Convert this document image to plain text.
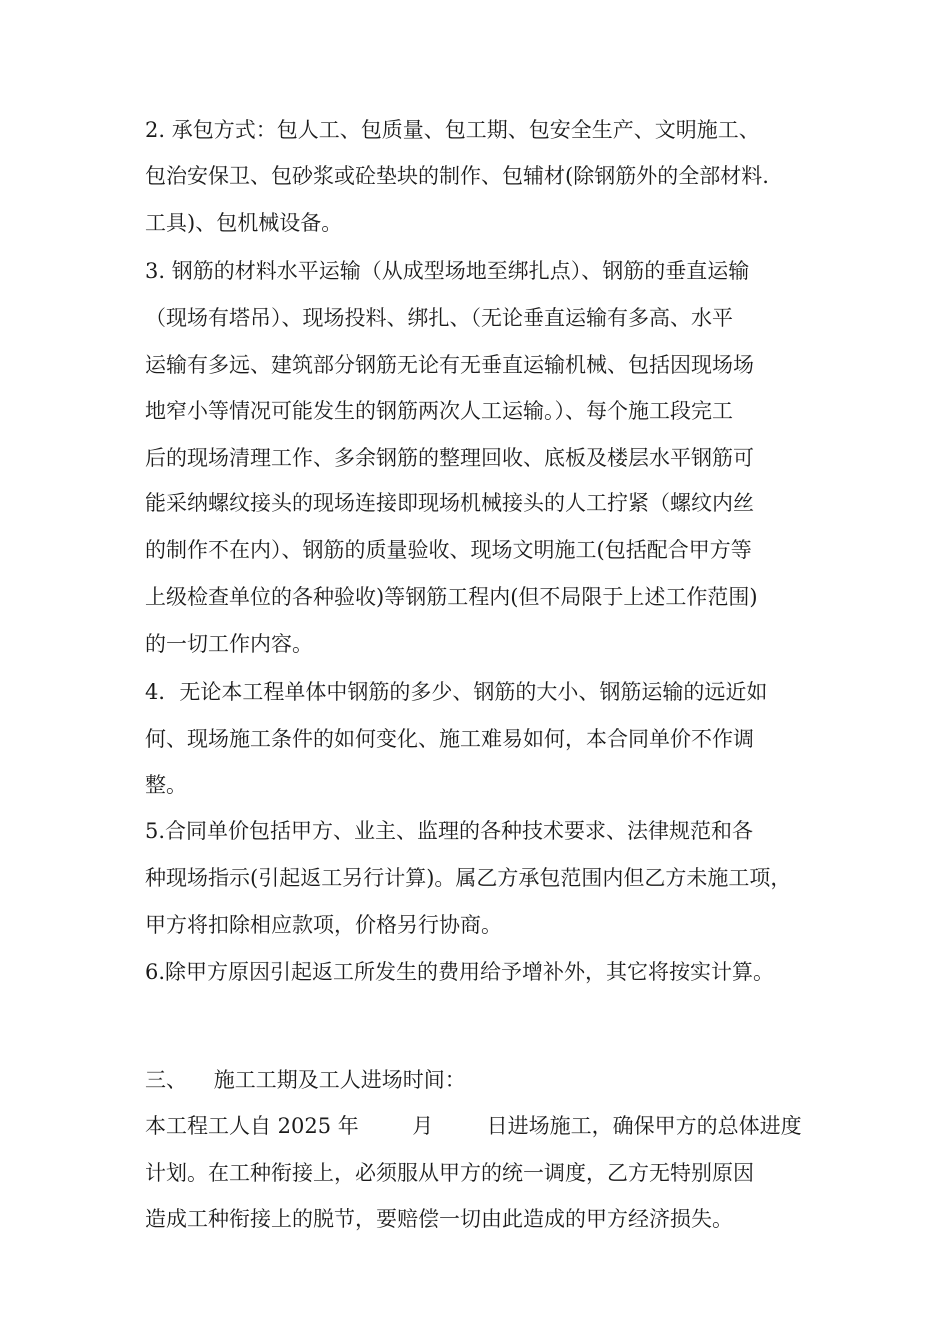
2. 承包方式：包人工、包质量、包工期、包安全生产、文明施工、
包治安保卫、包砂浆或砼垫块的制作、包辅材(除钢筋外的全部材料.
工具)、包机械设备。
3. 钢筋的材料水平运输（从成型场地至绑扎点）、钢筋的垂直运输
（现场有塔吊）、现场投料、绑扎、（无论垂直运输有多高、水平
运输有多远、建筑部分钢筋无论有无垂直运输机械、包括因现场场
地窄小等情况可能发生的钢筋两次人工运输。）、每个施工段完工
后的现场清理工作、多余钢筋的整理回收、底板及楼层水平钢筋可
能采纳螺纹接头的现场连接即现场机械接头的人工拧紧（螺纹内丝
的制作不在内）、钢筋的质量验收、现场文明施工(包括配合甲方等
上级检查单位的各种验收)等钢筋工程内(但不局限于上述工作范围)
的一切工作内容。
4．无论本工程单体中钢筋的多少、钢筋的大小、钢筋运输的远近如
何、现场施工条件的如何变化、施工难易如何，本合同单价不作调
整。
5.合同单价包括甲方、业主、监理的各种技术要求、法律规范和各
种现场指示(引起返工另行计算)。属乙方承包范围内但乙方未施工项，
甲方将扣除相应款项，价格另行协商。
6.除甲方原因引起返工所发生的费用给予增补外，其它将按实计算。
三、    施工工期及工人进场时间：
本工程工人自 2025 年        月        日进场施工，确保甲方的总体进度
计划。在工种衔接上，必须服从甲方的统一调度，乙方无特别原因
造成工种衔接上的脱节，要赔偿一切由此造成的甲方经济损失。
